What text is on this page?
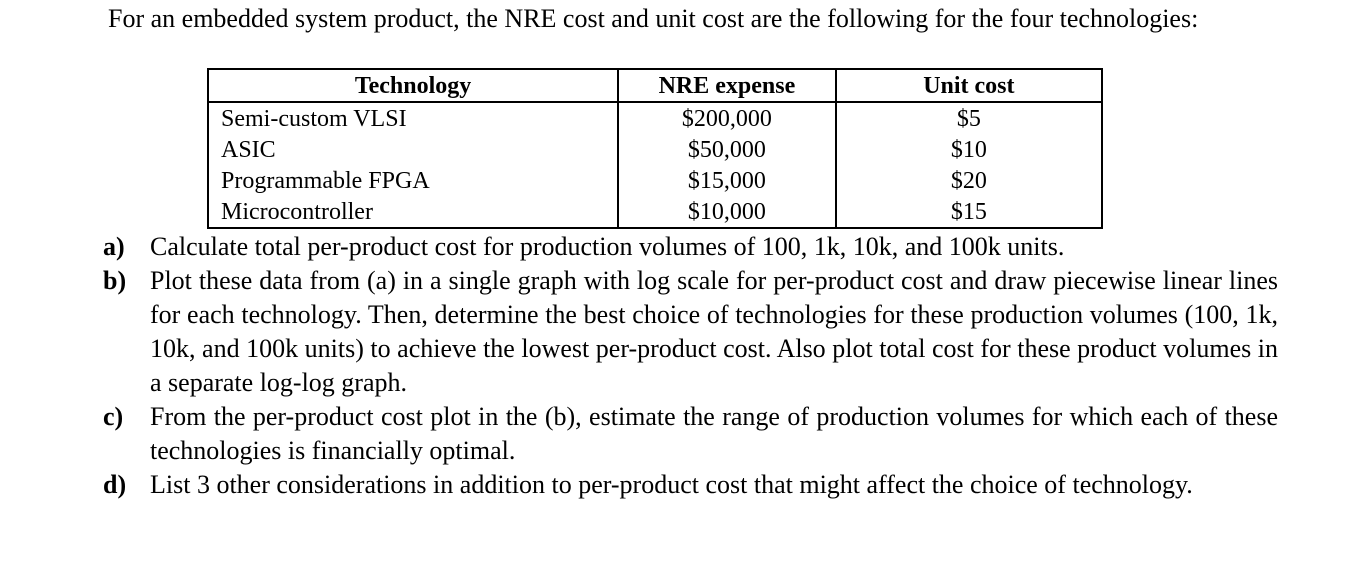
For an embedded system product, the NRE cost and unit cost are the following for the four technologies:

Technology	NRE expense	Unit cost
Semi-custom VLSI	$200,000	$5
ASIC	$50,000	$10
Programmable FPGA	$15,000	$20
Microcontroller	$10,000	$15
a) Calculate total per-product cost for production volumes of 100, 1k, 10k, and 100k units.
b) Plot these data from (a) in a single graph with log scale for per-product cost and draw piecewise linear lines for each technology. Then, determine the best choice of technologies for these production volumes (100, 1k, 10k, and 100k units) to achieve the lowest per-product cost. Also plot total cost for these product volumes in a separate log-log graph.
c) From the per-product cost plot in the (b), estimate the range of production volumes for which each of these technologies is financially optimal.
d) List 3 other considerations in addition to per-product cost that might affect the choice of technology.
